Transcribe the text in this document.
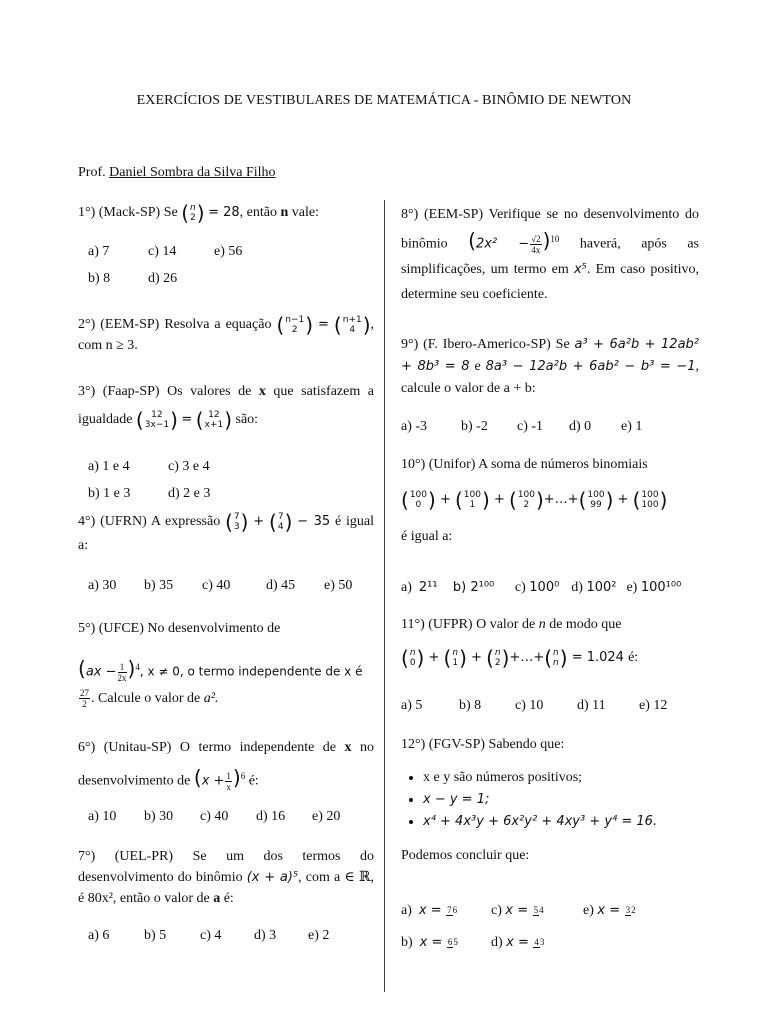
EXERCÍCIOS DE VESTIBULARES DE MATEMÁTICA - BINÔMIO DE NEWTON
Prof. Daniel Sombra da Silva Filho
1°) (Mack-SP) Se ( n
2 ) = 28, então n vale:
a) 7	c) 14	e) 56
b) 8	d) 26
2°) (EEM-SP) Resolva a equação ( n−1
2 ) = ( n+1
4 ) , com n ≥ 3.
3°) (Faap-SP) Os valores de x que satisfazem a igualdade ( 12
3x−1 ) = ( 12
x+1 ) são:
a) 1 e 4	c) 3 e 4
b) 1 e 3	d) 2 e 3
4°) (UFRN) A expressão ( 7
3 ) + ( 7
4 ) − 35 é igual a:
a) 30 b) 35 c) 40	d) 45 e) 50

5°) (UFCE) No desenvolvimento de

$(ax - \frac{1}{2x} )^4$, x ≠ 0, o termo independente de x é

$\frac{27}{2}$ . Calcule o valor de a².

6°) (Unitau-SP) O termo independente de x no desenvolvimento de $(x + \frac{1}{x} )^6$ é:
a) 10 b) 30 c) 40 d) 16 e) 20
7°) (UEL-PR) Se um dos termos do desenvolvimento do binômio (x + a)⁵, com a ∈ ℝ, é 80x², então o valor de a é:
a) 6 b) 5 c) 4 d) 3 e) 2
8°) (EEM-SP) Verifique se no desenvolvimento do binômio $(2x^2 - \frac{√2}{4x} )^{10}$ haverá, após as simplificações, um termo em x⁵. Em caso positivo, determine seu coeficiente.
9°) (F. Ibero-Americo-SP) Se a³ + 6a²b + 12ab² + 8b³ = 8 e 8a³ − 12a²b + 6ab² − b³ = −1, calcule o valor de a + b:
a) -3 b) -2 c) -1 d) 0 e) 1

10°) (Unifor) A soma de números binomiais

( 100
0 ) + ( 100
1 ) + ( 100
2 ) +…+ ( 100
99 ) + ( 100
100 )

é igual a:

a) 2¹¹ b) 2¹⁰⁰ c) 100⁰ d) 100² e) 100¹⁰⁰

11°) (UFPR) O valor de n de modo que

( n
0 ) + ( n
1 ) + ( n
2 ) +…+ ( n
n ) = 1.024 é:

a) 5	b) 8 c) 10 d) 11 e) 12

12°) (FGV-SP) Sabendo que:

• x e y são números positivos;
• x − y = 1;
• x⁴ + 4x³y + 6x²y² + 4xy³ + y⁴ = 16.

Podemos concluir que:

a) x = 76 c) x = 54	e) x = 32
b) x = 65 d) x = 43
